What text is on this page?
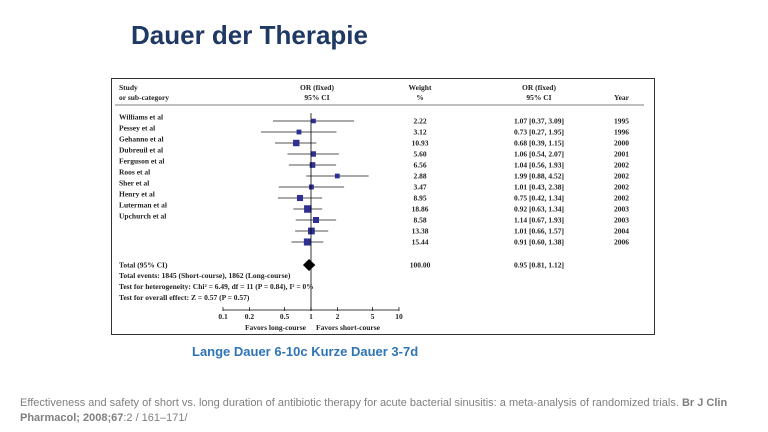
Dauer der Therapie
Study	OR (fixed)	Weight	OR (fixed)
or sub-category	95% CI	%	95% CI	Year
Williams et al	2.22	1.07 [0.37, 3.09]	1995
Pessey et al	3.12	0.73 [0.27, 1.95]	1996
Gehanno et al	10.93	0.68 [0.39, 1.15]	2000
Dubreuil et al	5.60	1.06 [0.54, 2.07]	2001
Ferguson et al	6.56	1.04 [0.56, 1.93]	2002
Roos et al	2.88	1.99 [0.88, 4.52]	2002
Sher et al	3.47	1.01 [0.43, 2.38]	2002
Henry et al	8.95	0.75 [0.42, 1.34]	2002
Luterman et al	18.86	0.92 [0.63, 1.34]	2003
Upchurch et al	8.58	1.14 [0.67, 1.93]	2003
13.38	1.01 [0.66, 1.57]	2004
15.44	0.91 [0.60, 1.38]	2006
Total (95% CI)	100.00	0.95 [0.81, 1.12]
Total events: 1845 (Short-course), 1862 (Long-course)
Test for heterogeneity: Chi² = 6.49, df = 11 (P = 0.84), I² = 0%
Test for overall effect: Z = 0.57 (P = 0.57)
0.1 0.2	0.5	1	2	5	10
Favors long-course Favors short-course
Lange Dauer 6-10c Kurze Dauer 3-7d
Effectiveness and safety of short vs. long duration of antibiotic therapy for acute bacterial sinusitis: a meta-analysis of randomized trials. Br J Clin Pharmacol; 2008;67:2 / 161–171/
